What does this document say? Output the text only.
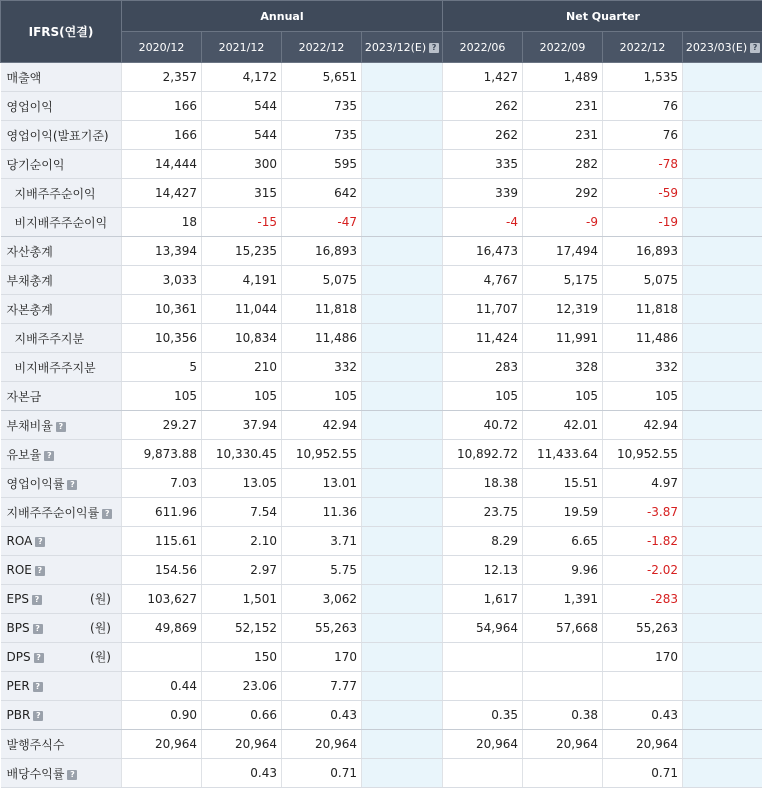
IFRS(연결)	Annual				Net Quarter			
	2020/12	2021/12	2022/12	2023/12(E) ?	2022/06	2022/09	2022/12	2023/03(E) ?
매출액	2,357	4,172	5,651		1,427	1,489	1,535	
영업이익	166	544	735		262	231	76	
영업이익(발표기준)	166	544	735		262	231	76	
당기순이익	14,444	300	595		335	282	-78	
지배주주순이익	14,427	315	642		339	292	-59	
비지배주주순이익	18	-15	-47		-4	-9	-19	
자산총계	13,394	15,235	16,893		16,473	17,494	16,893	
부채총계	3,033	4,191	5,075		4,767	5,175	5,075	
자본총계	10,361	11,044	11,818		11,707	12,319	11,818	
지배주주지분	10,356	10,834	11,486		11,424	11,991	11,486	
비지배주주지분	5	210	332		283	328	332	
자본금	105	105	105		105	105	105	
부채비율 ?	29.27	37.94	42.94		40.72	42.01	42.94	
유보율 ?	9,873.88	10,330.45	10,952.55		10,892.72	11,433.64	10,952.55	
영업이익률 ?	7.03	13.05	13.01		18.38	15.51	4.97	
지배주주순이익률 ?	611.96	7.54	11.36		23.75	19.59	-3.87	
ROA ?	115.61	2.10	3.71		8.29	6.65	-1.82	
ROE ?	154.56	2.97	5.75		12.13	9.96	-2.02	
EPS ? (원)	103,627	1,501	3,062		1,617	1,391	-283	
BPS ? (원)	49,869	52,152	55,263		54,964	57,668	55,263	
DPS ? (원)		150	170				170	
PER ?	0.44	23.06	7.77					
PBR ?	0.90	0.66	0.43		0.35	0.38	0.43	
발행주식수	20,964	20,964	20,964		20,964	20,964	20,964	
배당수익률 ?		0.43	0.71				0.71	
